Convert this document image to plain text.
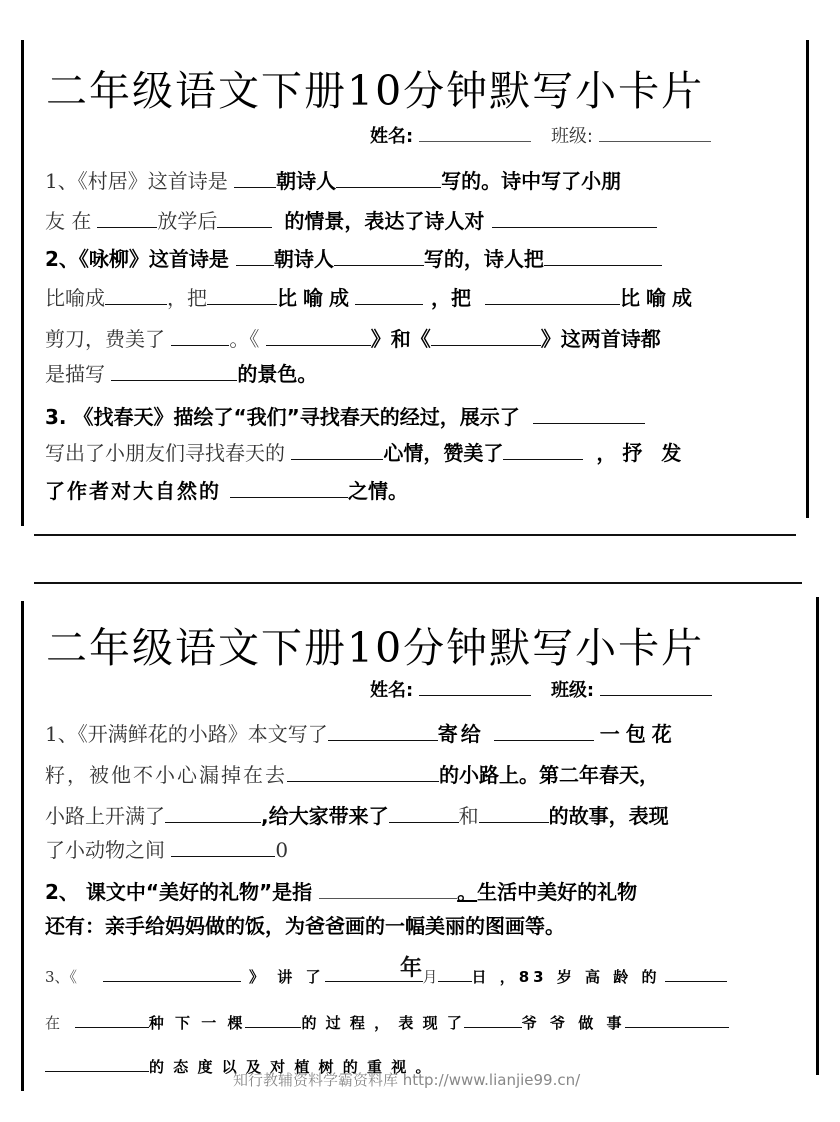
二年级语文下册10分钟默写小卡片
姓名:	班级:
1、《村居》这首诗是 朝诗人	写的。诗中写了小朋
友 在	放学后	的情景，表达了诗人对
2、《咏柳》这首诗是 朝诗人	写的，诗人把
比喻成	，把	比喻成	，把	比喻成
剪刀，费美了	。《	》和《	》这两首诗都
是描写	的景色。
3. 《找春天》描绘了“我们”寻找春天的经过，展示了
写出了小朋友们寻找春天的	心情，赞美了	，抒 发
了作者对大自然的	之情。
二年级语文下册10分钟默写小卡片
姓名:	班级:
1、《开满鲜花的小路》本文写了	寄给	一包花
籽，被他不小心漏掉在去	的小路上。第二年春天，
小路上开满了	,给大家带来了	和	的故事，表现
了小动物之间	0
2、 课文中“美好的礼物”是指	。生活中美好的礼物
还有：亲手给妈妈做的饭，为爸爸画的一幅美丽的图画等。
3、《	》 讲 了	月 日 ，83 岁 高 龄 的
年
在	种 下 一 棵	的 过 程 ， 表 现 了	爷 爷 做 事
的 态 度 以 及 对 植 树 的 重 视 。
知行教辅资料学霸资料库 http://www.lianjie99.cn/
